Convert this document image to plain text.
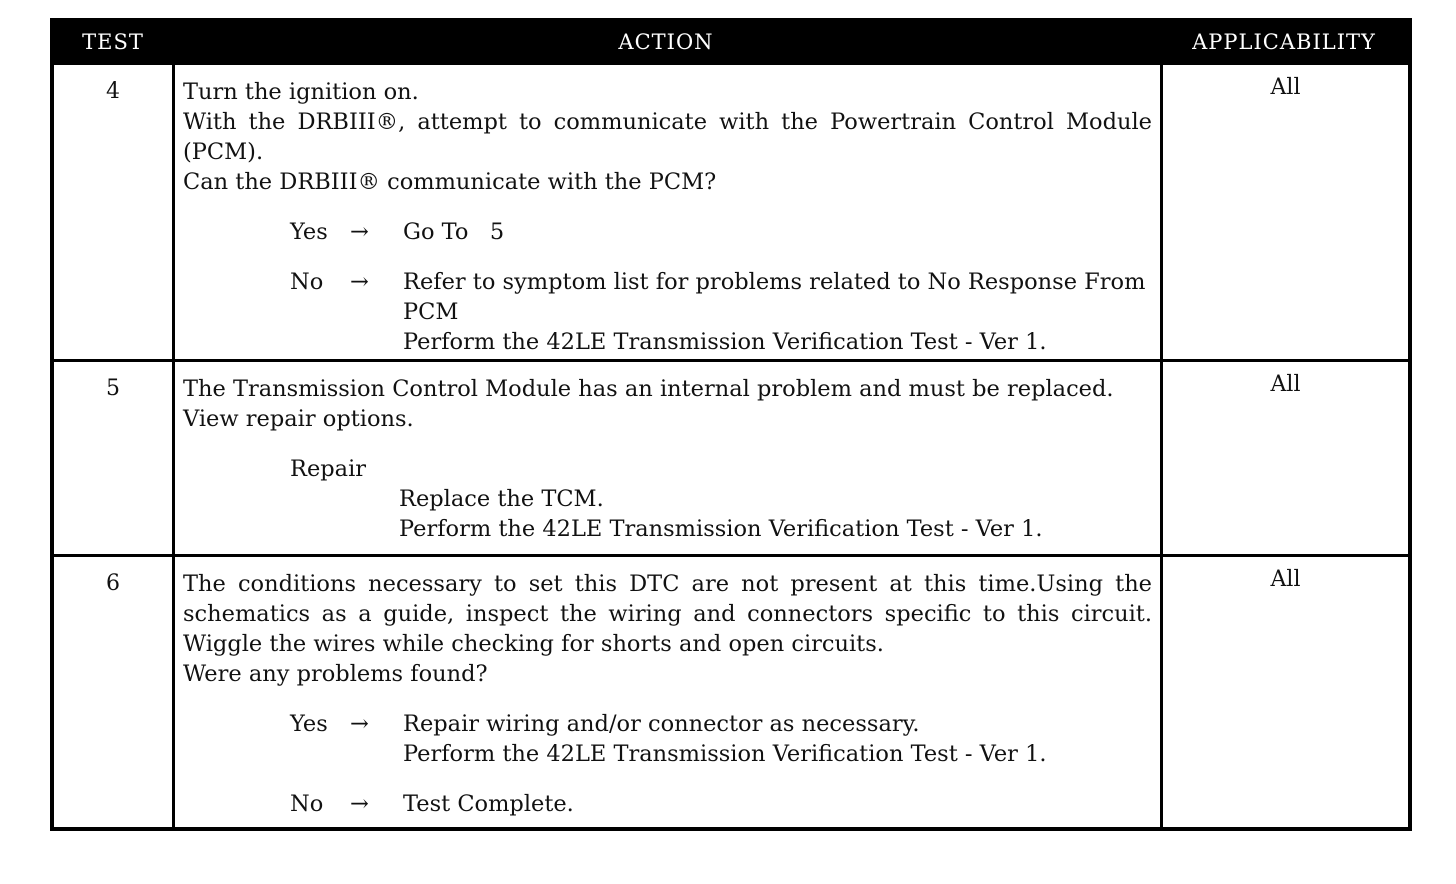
TEST	ACTION	APPLICABILITY
4	Turn the ignition on.
With the DRBIII®, attempt to communicate with the Powertrain Control Module
(PCM).
Can the DRBIII® communicate with the PCM?
Yes →	Go To   5
No	→	Refer to symptom list for problems related to No Response From
PCM
Perform the 42LE Transmission Verification Test - Ver 1.
All
5	The Transmission Control Module has an internal problem and must be replaced.
View repair options.
Repair
Replace the TCM.
Perform the 42LE Transmission Verification Test - Ver 1.
All
6	The conditions necessary to set this DTC are not present at this time.Using the
schematics as a guide, inspect the wiring and connectors specific to this circuit.
Wiggle the wires while checking for shorts and open circuits.
Were any problems found?
Yes →	Repair wiring and/or connector as necessary.
Perform the 42LE Transmission Verification Test - Ver 1.
No	→	Test Complete.
All
